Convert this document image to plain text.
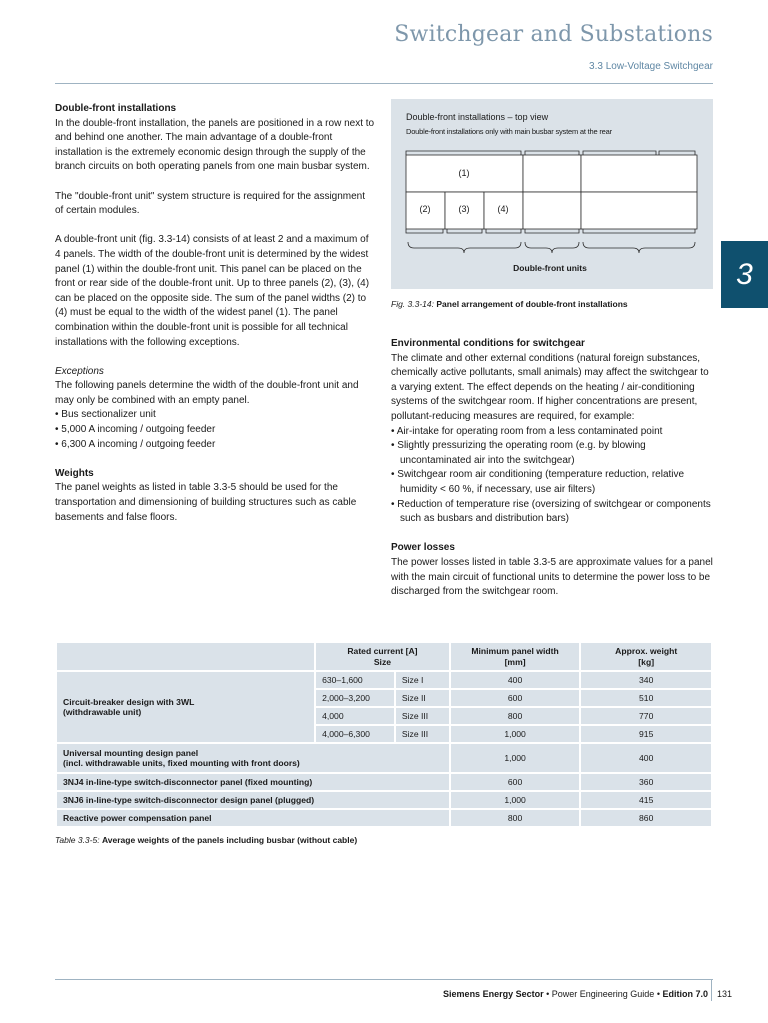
Switchgear and Substations
3.3 Low-Voltage Switchgear
3

Double-front installations

In the double-front installation, the panels are positioned in a row next to and behind one another. The main advantage of a double-front installation is the extremely economic design through the supply of the branch circuits on both operating panels from one main busbar system.

The "double-front unit" system structure is required for the assignment of certain modules.

A double-front unit (fig. 3.3-14) consists of at least 2 and a maximum of 4 panels. The width of the double-front unit is determined by the widest panel (1) within the double-front unit. This panel can be placed on the front or rear side of the double-front unit. Up to three panels (2), (3), (4) can be placed on the opposite side. The sum of the panel widths (2) to (4) must be equal to the width of the widest panel (1). The panel combination within the double-front unit is possible for all technical installations with the following exceptions.

Exceptions

The following panels determine the width of the double-front unit and may only be combined with an empty panel.

• Bus sectionalizer unit

• 5,000 A incoming / outgoing feeder

• 6,300 A incoming / outgoing feeder

Weights

The panel weights as listed in table 3.3-5 should be used for the transportation and dimensioning of building structures such as cable basements and false floors.

Double-front installations – top view
Double-front installations only with main busbar system at the rear
(1)
(2)	(3)	(4)
Double-front units
Fig. 3.3-14: Panel arrangement of double-front installations

Environmental conditions for switchgear

The climate and other external conditions (natural foreign substances, chemically active pollutants, small animals) may affect the switchgear to a varying extent. The effect depends on the heating / air-conditioning systems of the switchgear room. If higher concentrations are present, pollutant-reducing measures are required, for example:

• Air-intake for operating room from a less contaminated point

• Slightly pressurizing the operating room (e.g. by blowing uncontaminated air into the switchgear)

• Switchgear room air conditioning (temperature reduction, relative humidity < 60 %, if necessary, use air filters)

• Reduction of temperature rise (oversizing of switchgear or components such as busbars and distribution bars)

Power losses

The power losses listed in table 3.3-5 are approximate values for a panel with the main circuit of functional units to determine the power loss to be discharged from the switchgear room.

	Rated current [A]
Size		Minimum panel width
[mm]	Approx. weight
[kg]
Circuit-breaker design with 3WL
(withdrawable unit)	630–1,600	Size I	400	340
	2,000–3,200	Size II	600	510
	4,000	Size III	800	770
	4,000–6,300	Size III	1,000	915
Universal mounting design panel
(incl. withdrawable units, fixed mounting with front doors)			1,000	400
3NJ4 in-line-type switch-disconnector panel (fixed mounting)			600	360
3NJ6 in-line-type switch-disconnector design panel (plugged)			1,000	415
Reactive power compensation panel			800	860
Table 3.3-5: Average weights of the panels including busbar (without cable)
Siemens Energy Sector • Power Engineering Guide • Edition 7.0 131
